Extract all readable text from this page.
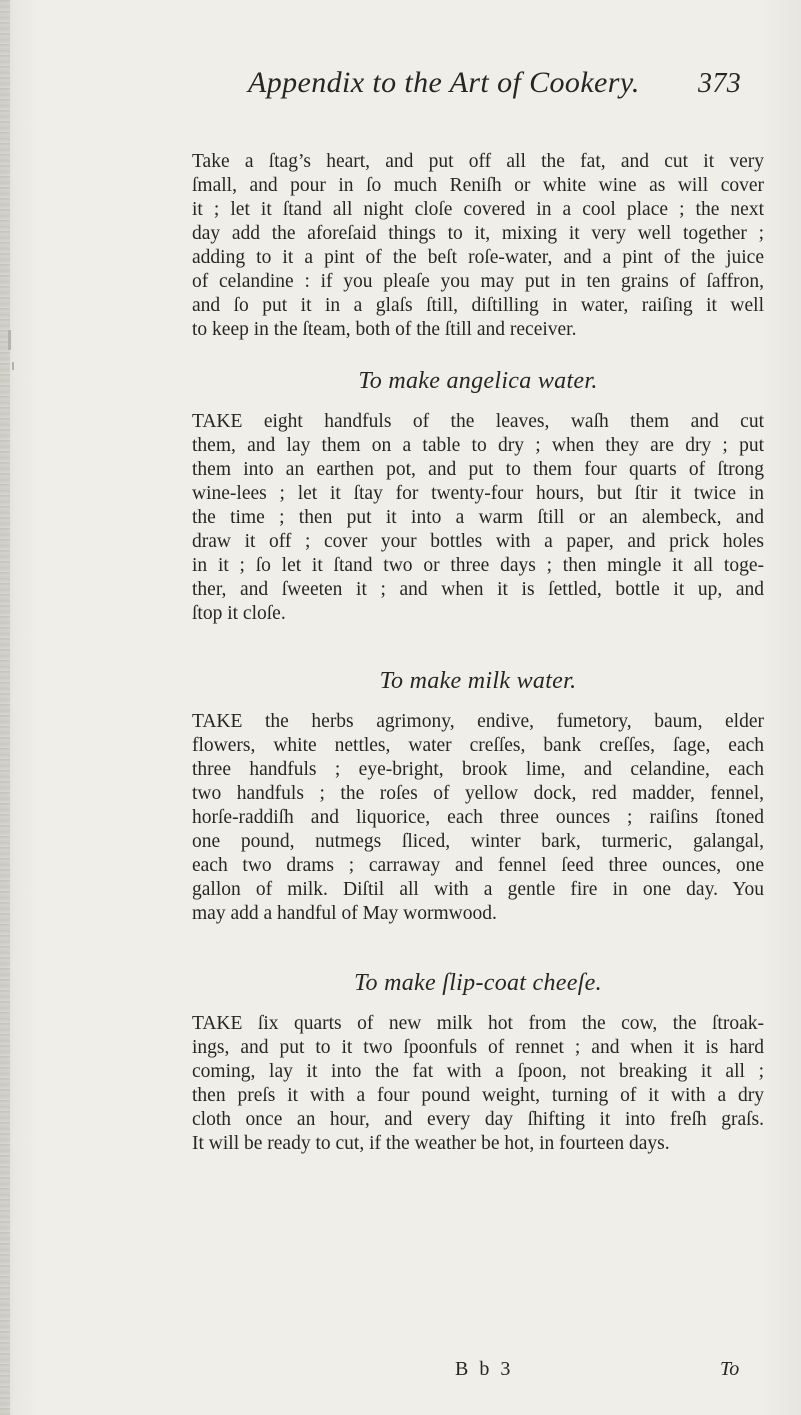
Appendix to the Art of Cookery. 373
Take a ſtag’s heart, and put off all the fat, and cut it very
ſmall, and pour in ſo much Reniſh or white wine as will cover
it ; let it ſtand all night cloſe covered in a cool place ; the next
day add the aforeſaid things to it, mixing it very well together ;
adding to it a pint of the beſt roſe-water, and a pint of the juice
of celandine : if you pleaſe you may put in ten grains of ſaffron,
and ſo put it in a glaſs ſtill, diſtilling in water, raiſing it well
to keep in the ſteam, both of the ſtill and receiver.
To make angelica water.
TAKE eight handfuls of the leaves, waſh them and cut
them, and lay them on a table to dry ; when they are dry ; put
them into an earthen pot, and put to them four quarts of ſtrong
wine-lees ; let it ſtay for twenty-four hours, but ſtir it twice in
the time ; then put it into a warm ſtill or an alembeck, and
draw it off ; cover your bottles with a paper, and prick holes
in it ; ſo let it ſtand two or three days ; then mingle it all toge-
ther, and ſweeten it ; and when it is ſettled, bottle it up, and
ſtop it cloſe.
To make milk water.
TAKE the herbs agrimony, endive, fumetory, baum, elder
flowers, white nettles, water creſſes, bank creſſes, ſage, each
three handfuls ; eye-bright, brook lime, and celandine, each
two handfuls ; the roſes of yellow dock, red madder, fennel,
horſe-raddiſh and liquorice, each three ounces ; raiſins ſtoned
one pound, nutmegs ſliced, winter bark, turmeric, galangal,
each two drams ; carraway and fennel ſeed three ounces, one
gallon of milk. Diſtil all with a gentle fire in one day. You
may add a handful of May wormwood.
To make ſlip-coat cheeſe.
TAKE ſix quarts of new milk hot from the cow, the ſtroak-
ings, and put to it two ſpoonfuls of rennet ; and when it is hard
coming, lay it into the fat with a ſpoon, not breaking it all ;
then preſs it with a four pound weight, turning of it with a dry
cloth once an hour, and every day ſhifting it into freſh graſs.
It will be ready to cut, if the weather be hot, in fourteen days.
B b 3	To
